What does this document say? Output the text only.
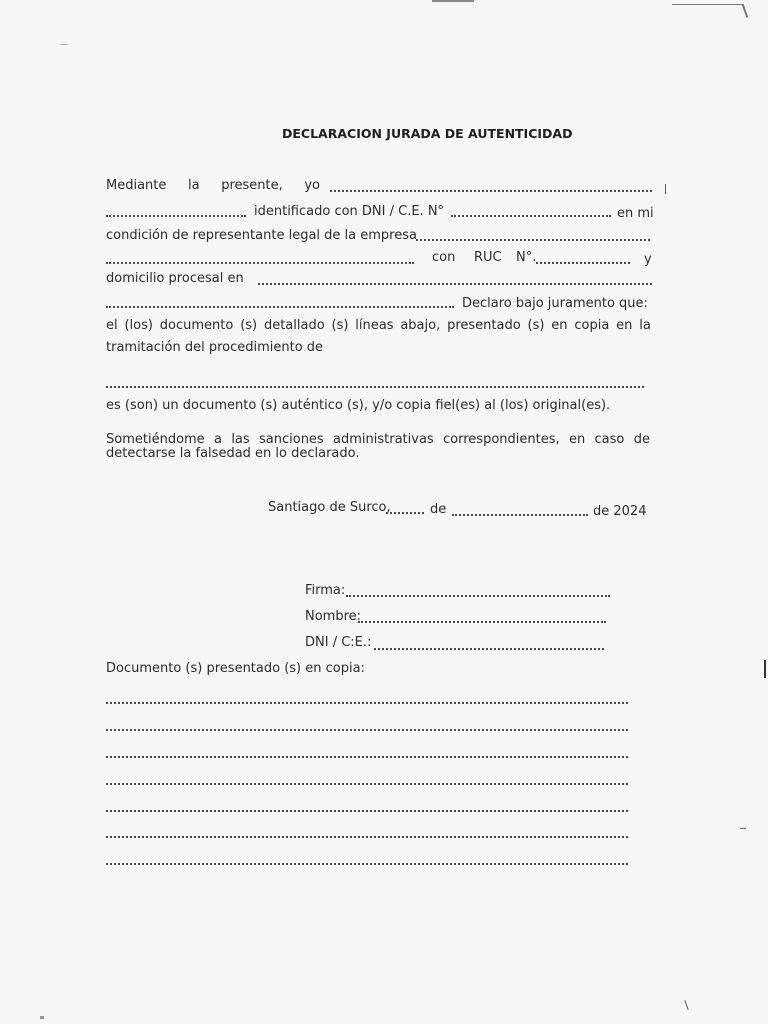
DECLARACION JURADA DE AUTENTICIDAD
Mediante la presente, yo
identificado con DNI / C.E. N°	en mi
condición de representante legal de la empresa
con RUC N°.	y
domicilio procesal en
Declaro bajo juramento que:
el (los) documento (s) detallado (s) líneas abajo, presentado (s) en copia en la
tramitación del procedimiento de
es (son) un documento (s) auténtico (s), y/o copia fiel(es) al (los) original(es).
Sometiéndome a las sanciones administrativas correspondientes, en caso de
detectarse la falsedad en lo declarado.
Santiago de Surco,	de	de 2024
Firma:
Nombre:
DNI / C:E.:
Documento (s) presentado (s) en copia:
